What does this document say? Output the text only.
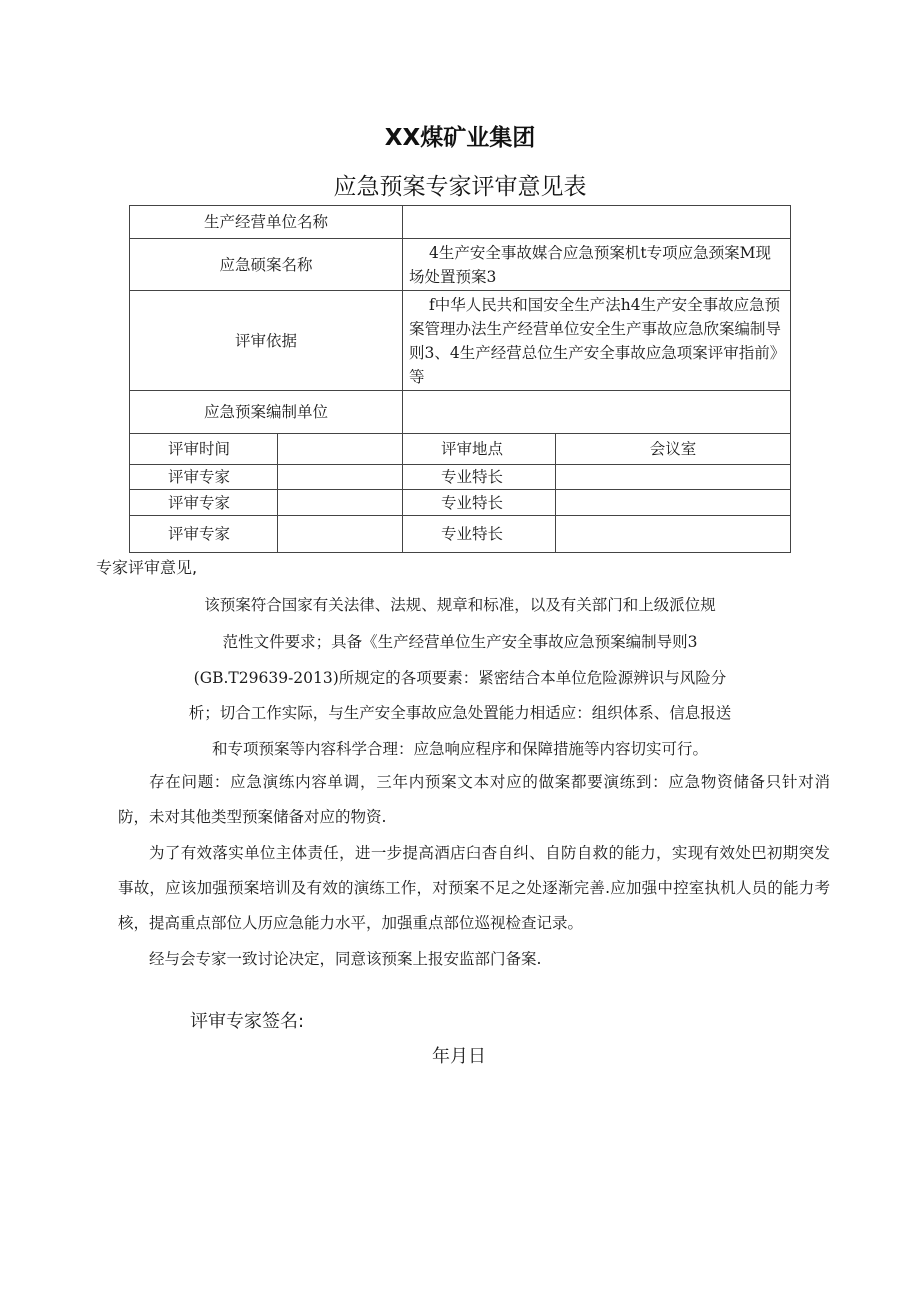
XX煤矿业集团
应急预案专家评审意见表
生产经营单位名称			
应急硕案名称		4生产安全事故媒合应急预案机t专项应急颈案M现场处置预案3	
评审依据		f中华人民共和国安全生产法h4生产安全事故应急预案管理办法生产经营单位安全生产事故应急欣案编制导则3、4生产经营总位生产安全事故应急项案评审指前》等	
应急预案编制单位			
评审时间		评审地点	会议室
评审专家		专业特长	
评审专家		专业特长	
评审专家		专业特长	
专家评审意见,
该预案符合国家有关法律、法规、规章和标准，以及有关部门和上级派位规
范性文件要求；具备《生产经营单位生产安全事故应急预案编制导则3
(GB.T29639-2013)所规定的各项要素：紧密结合本单位危险源辨识与风险分
析；切合工作实际，与生产安全事故应急处置能力相适应：组织体系、信息报送
和专项预案等内容科学合理：应急响应程序和保障措施等内容切实可行。
存在问题：应急演练内容单调，三年内预案文本对应的做案都要演练到：应急物资储备只针对消防，未对其他类型预案储备对应的物资.
为了有效落实单位主体责任，进一步提高酒店臼杳自纠、自防自救的能力，实现有效处巴初期突发事故，应该加强预案培训及有效的演练工作，对预案不足之处逐渐完善.应加强中控室执机人员的能力考核，提高重点部位人历应急能力水平，加强重点部位巡视检查记录。
经与会专家一致讨论决定，同意该预案上报安监部门备案.
评审专家签名:
年月日
